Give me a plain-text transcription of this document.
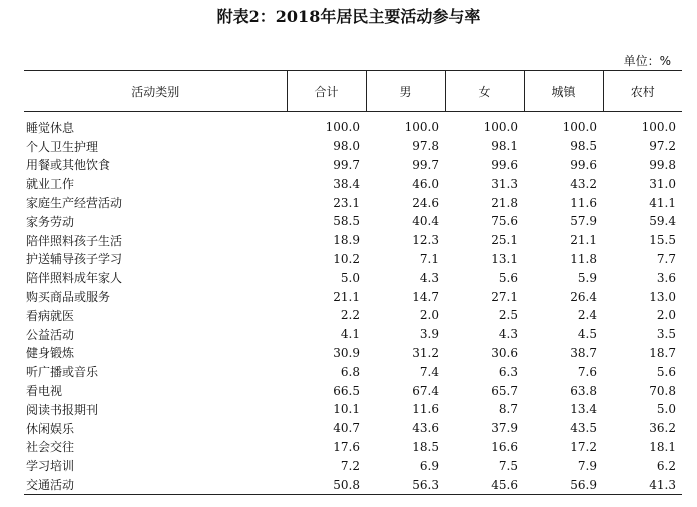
附表2：2018年居民主要活动参与率
单位：%
活动类别	合计	男	女	城镇	农村

睡觉休息	100.0	100.0	100.0	100.0	100.0
个人卫生护理	98.0	97.8	98.1	98.5	97.2
用餐或其他饮食	99.7	99.7	99.6	99.6	99.8
就业工作	38.4	46.0	31.3	43.2	31.0
家庭生产经营活动	23.1	24.6	21.8	11.6	41.1
家务劳动	58.5	40.4	75.6	57.9	59.4
陪伴照料孩子生活	18.9	12.3	25.1	21.1	15.5
护送辅导孩子学习	10.2	7.1	13.1	11.8	7.7
陪伴照料成年家人	5.0	4.3	5.6	5.9	3.6
购买商品或服务	21.1	14.7	27.1	26.4	13.0
看病就医	2.2	2.0	2.5	2.4	2.0
公益活动	4.1	3.9	4.3	4.5	3.5
健身锻炼	30.9	31.2	30.6	38.7	18.7
听广播或音乐	6.8	7.4	6.3	7.6	5.6
看电视	66.5	67.4	65.7	63.8	70.8
阅读书报期刊	10.1	11.6	8.7	13.4	5.0
休闲娱乐	40.7	43.6	37.9	43.5	36.2
社会交往	17.6	18.5	16.6	17.2	18.1
学习培训	7.2	6.9	7.5	7.9	6.2
交通活动	50.8	56.3	45.6	56.9	41.3
